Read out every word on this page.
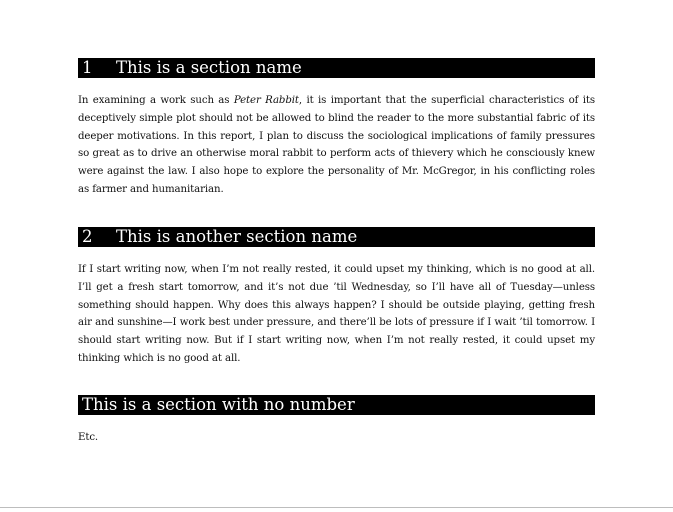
1 This is a section name

In examining a work such as Peter Rabbit, it is important that the superficial characteristics of its deceptively simple plot should not be allowed to blind the reader to the more substantial fabric of its deeper motivations. In this report, I plan to discuss the sociological implications of family pressures so great as to drive an otherwise moral rabbit to perform acts of thievery which he consciously knew were against the law. I also hope to explore the personality of Mr. McGregor, in his conflicting roles as farmer and humanitarian.

2 This is another section name

If I start writing now, when I’m not really rested, it could upset my thinking, which is no good at all. I’ll get a fresh start tomorrow, and it’s not due ’til Wednesday, so I’ll have all of Tuesday—unless something should happen. Why does this always happen? I should be outside playing, getting fresh air and sunshine—I work best under pressure, and there’ll be lots of pressure if I wait ’til tomorrow. I should start writing now. But if I start writing now, when I’m not really rested, it could upset my thinking which is no good at all.

This is a section with no number

Etc.
